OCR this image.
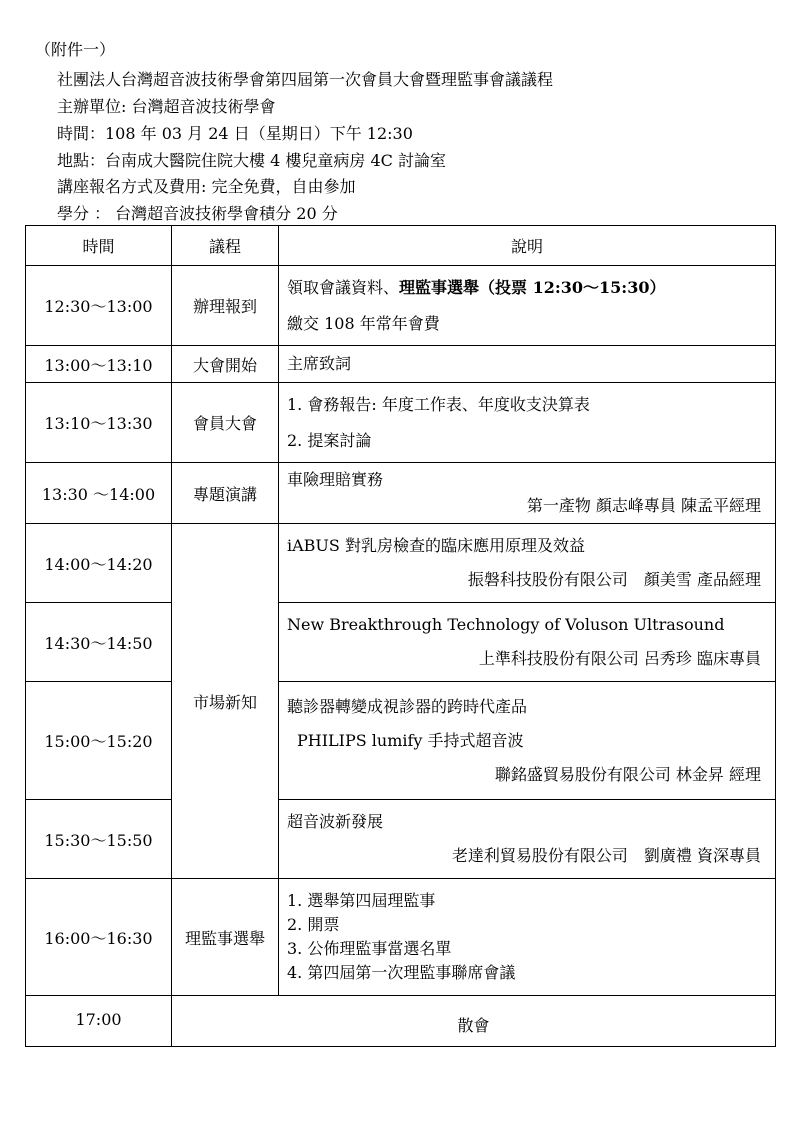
（附件一）
社團法人台灣超音波技術學會第四屆第一次會員大會暨理監事會議議程
主辦單位: 台灣超音波技術學會
時間：108 年 03 月 24 日（星期日）下午 12:30
地點：台南成大醫院住院大樓 4 樓兒童病房 4C 討論室
講座報名方式及費用: 完全免費，自由參加
學分 ： 台灣超音波技術學會積分 20 分
時間	議程	說明
12:30～13:00	辦理報到	領取會議資料、理監事選舉（投票 12:30～15:30）
繳交 108 年常年會費

13:00～13:10	大會開始	主席致詞

13:10～13:30	會員大會	1. 會務報告: 年度工作表、年度收支決算表
2. 提案討論

13:30 ～14:00	專題演講	車險理賠實務
第一產物 顏志峰專員 陳孟平經理

14:00～14:20	市場新知	iABUS 對乳房檢查的臨床應用原理及效益
振磐科技股份有限公司　顏美雪 產品經理

14:30～14:50		New Breakthrough Technology of Voluson Ultrasound
上準科技股份有限公司 呂秀珍 臨床專員

15:00～15:20		聽診器轉變成視診器的跨時代產品
PHILIPS lumify 手持式超音波
聯銘盛貿易股份有限公司 林金昇 經理

15:30～15:50		超音波新發展
老達利貿易股份有限公司　劉廣禮 資深專員

16:00～16:30	理監事選舉	1. 選舉第四屆理監事
2. 開票
3. 公佈理監事當選名單
4. 第四屆第一次理監事聯席會議

17:00	散會	
